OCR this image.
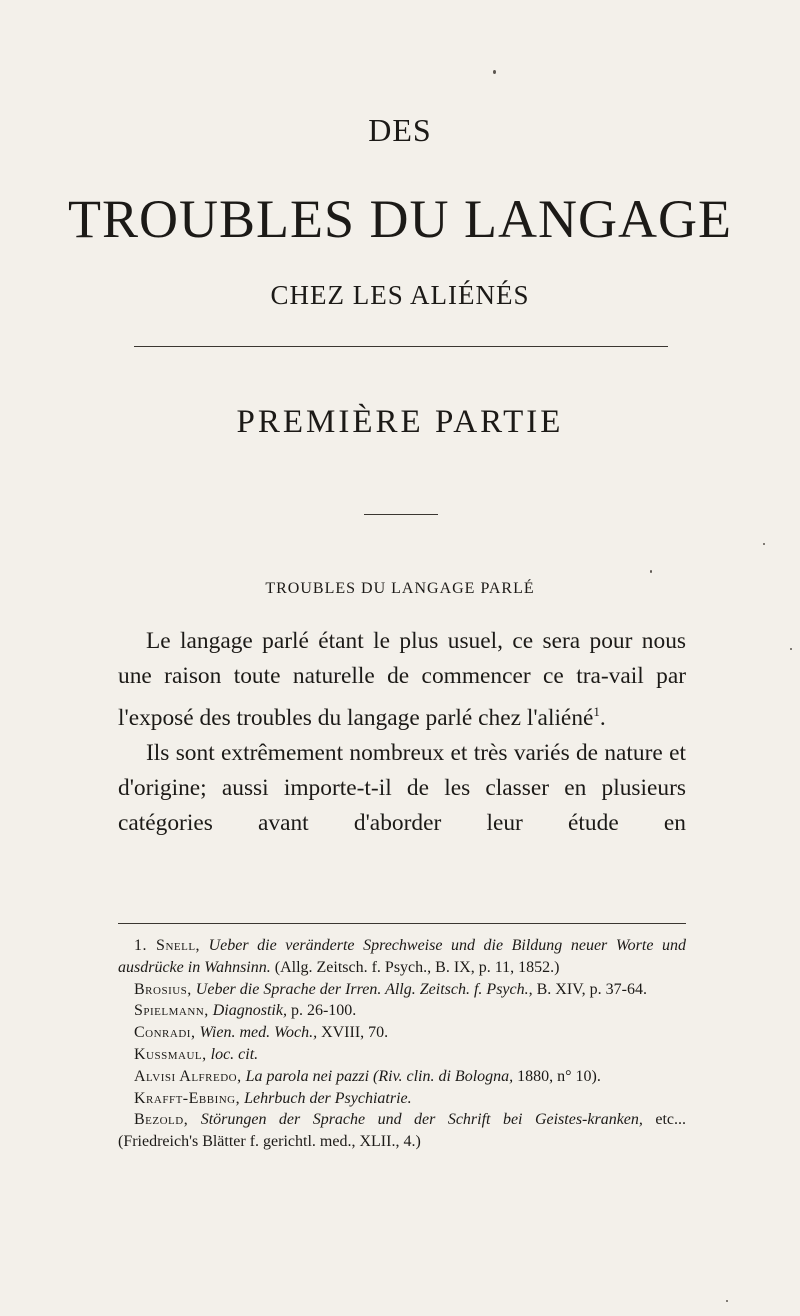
DES
TROUBLES DU LANGAGE
CHEZ LES ALIÉNÉS
PREMIÈRE PARTIE
TROUBLES DU LANGAGE PARLÉ

Le langage parlé étant le plus usuel, ce sera pour nous une raison toute naturelle de commencer ce tra-vail par l'exposé des troubles du langage parlé chez l'aliéné$^1$.

Ils sont extrêmement nombreux et très variés de nature et d'origine; aussi importe-t-il de les classer en plusieurs catégories avant d'aborder leur étude en

1. Snell, Ueber die veränderte Sprechweise und die Bildung neuer Worte und ausdrücke in Wahnsinn. (Allg. Zeitsch. f. Psych., B. IX, p. 11, 1852.)

Brosius, Ueber die Sprache der Irren. Allg. Zeitsch. f. Psych., B. XIV, p. 37-64.

Spielmann, Diagnostik, p. 26-100.

Conradi, Wien. med. Woch., XVIII, 70.

Kussmaul, loc. cit.

Alvisi Alfredo, La parola nei pazzi (Riv. clin. di Bologna, 1880, n° 10).

Krafft-Ebbing, Lehrbuch der Psychiatrie.

Bezold, Störungen der Sprache und der Schrift bei Geistes-kranken, etc... (Friedreich's Blätter f. gerichtl. med., XLII., 4.)
